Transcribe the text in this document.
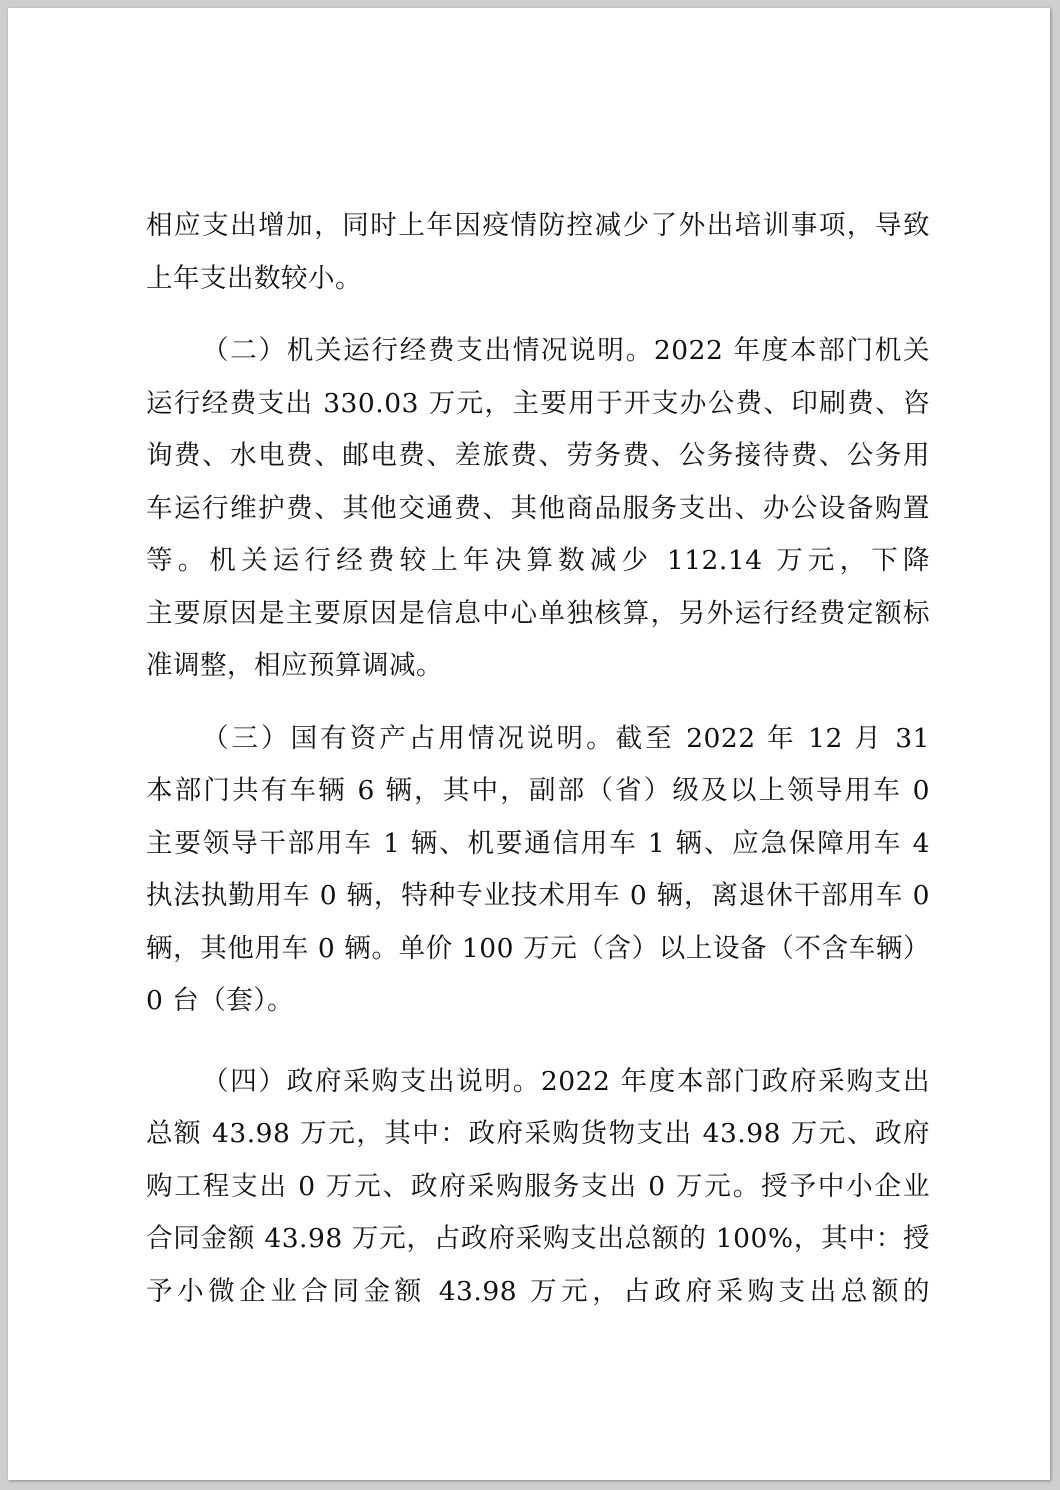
相应支出增加，同时上年因疫情防控减少了外出培训事项，导致
上年支出数较小。
（二）机关运行经费支出情况说明。2022 年度本部门机关
运行经费支出 330.03 万元，主要用于开支办公费、印刷费、咨
询费、水电费、邮电费、差旅费、劳务费、公务接待费、公务用
车运行维护费、其他交通费、其他商品服务支出、办公设备购置
等。机关运行经费较上年决算数减少 112.14 万元，下降
主要原因是主要原因是信息中心单独核算，另外运行经费定额标
准调整，相应预算调减。
（三）国有资产占用情况说明。截至 2022 年 12 月 31
本部门共有车辆 6 辆，其中，副部（省）级及以上领导用车 0
主要领导干部用车 1 辆、机要通信用车 1 辆、应急保障用车 4
执法执勤用车 0 辆，特种专业技术用车 0 辆，离退休干部用车 0
辆，其他用车 0 辆。单价 100 万元（含）以上设备（不含车辆）
0 台（套）。
（四）政府采购支出说明。2022 年度本部门政府采购支出
总额 43.98 万元，其中：政府采购货物支出 43.98 万元、政府
购工程支出 0 万元、政府采购服务支出 0 万元。授予中小企业
合同金额 43.98 万元，占政府采购支出总额的 100%，其中：授
予小微企业合同金额 43.98 万元，占政府采购支出总额的
